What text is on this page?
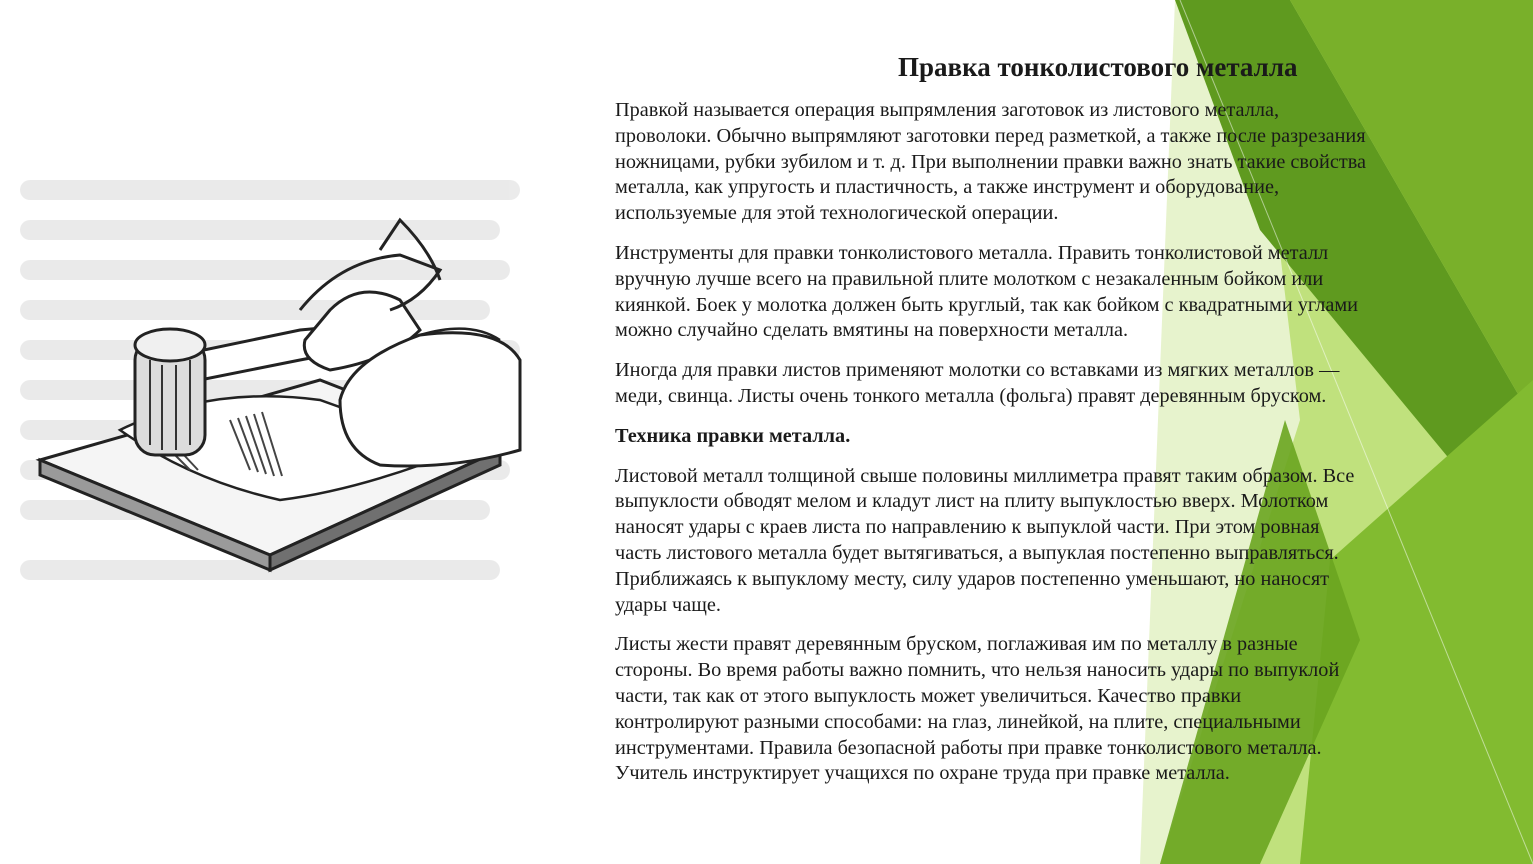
Правка тонколистового металла

Правкой называется операция выпрямления заготовок из листового металла,
проволоки. Обычно выпрямляют заготовки перед разметкой, а также после разрезания
ножницами, рубки зубилом и т. д. При выполнении правки важно знать такие свойства
металла, как упругость и пластичность, а также инструмент и оборудование,
используемые для этой технологической операции.

Инструменты для правки тонколистового металла. Править тонколистовой металл
вручную лучше всего на правильной плите молотком с незакаленным бойком или
киянкой. Боек у молотка должен быть круглый, так как бойком с квадратными углами
можно случайно сделать вмятины на поверхности металла.

Иногда для правки листов применяют молотки со вставками из мягких металлов —
меди, свинца. Листы очень тонкого металла (фольга) правят деревянным бруском.

Техника правки металла.

Листовой металл толщиной свыше половины миллиметра правят таким образом. Все
выпуклости обводят мелом и кладут лист на плиту выпуклостью вверх. Молотком
наносят удары с краев листа по направлению к выпуклой части. При этом ровная
часть листового металла будет вытягиваться, а выпуклая постепенно выправляться.
Приближаясь к выпуклому месту, силу ударов постепенно уменьшают, но наносят
удары чаще.

Листы жести правят деревянным бруском, поглаживая им по металлу в разные
стороны. Во время работы важно помнить, что нельзя наносить удары по выпуклой
части, так как от этого выпуклость может увеличиться. Качество правки
контролируют разными способами: на глаз, линейкой, на плите, специальными
инструментами. Правила безопасной работы при правке тонколистового металла.
Учитель инструктирует учащихся по охране труда при правке металла.
